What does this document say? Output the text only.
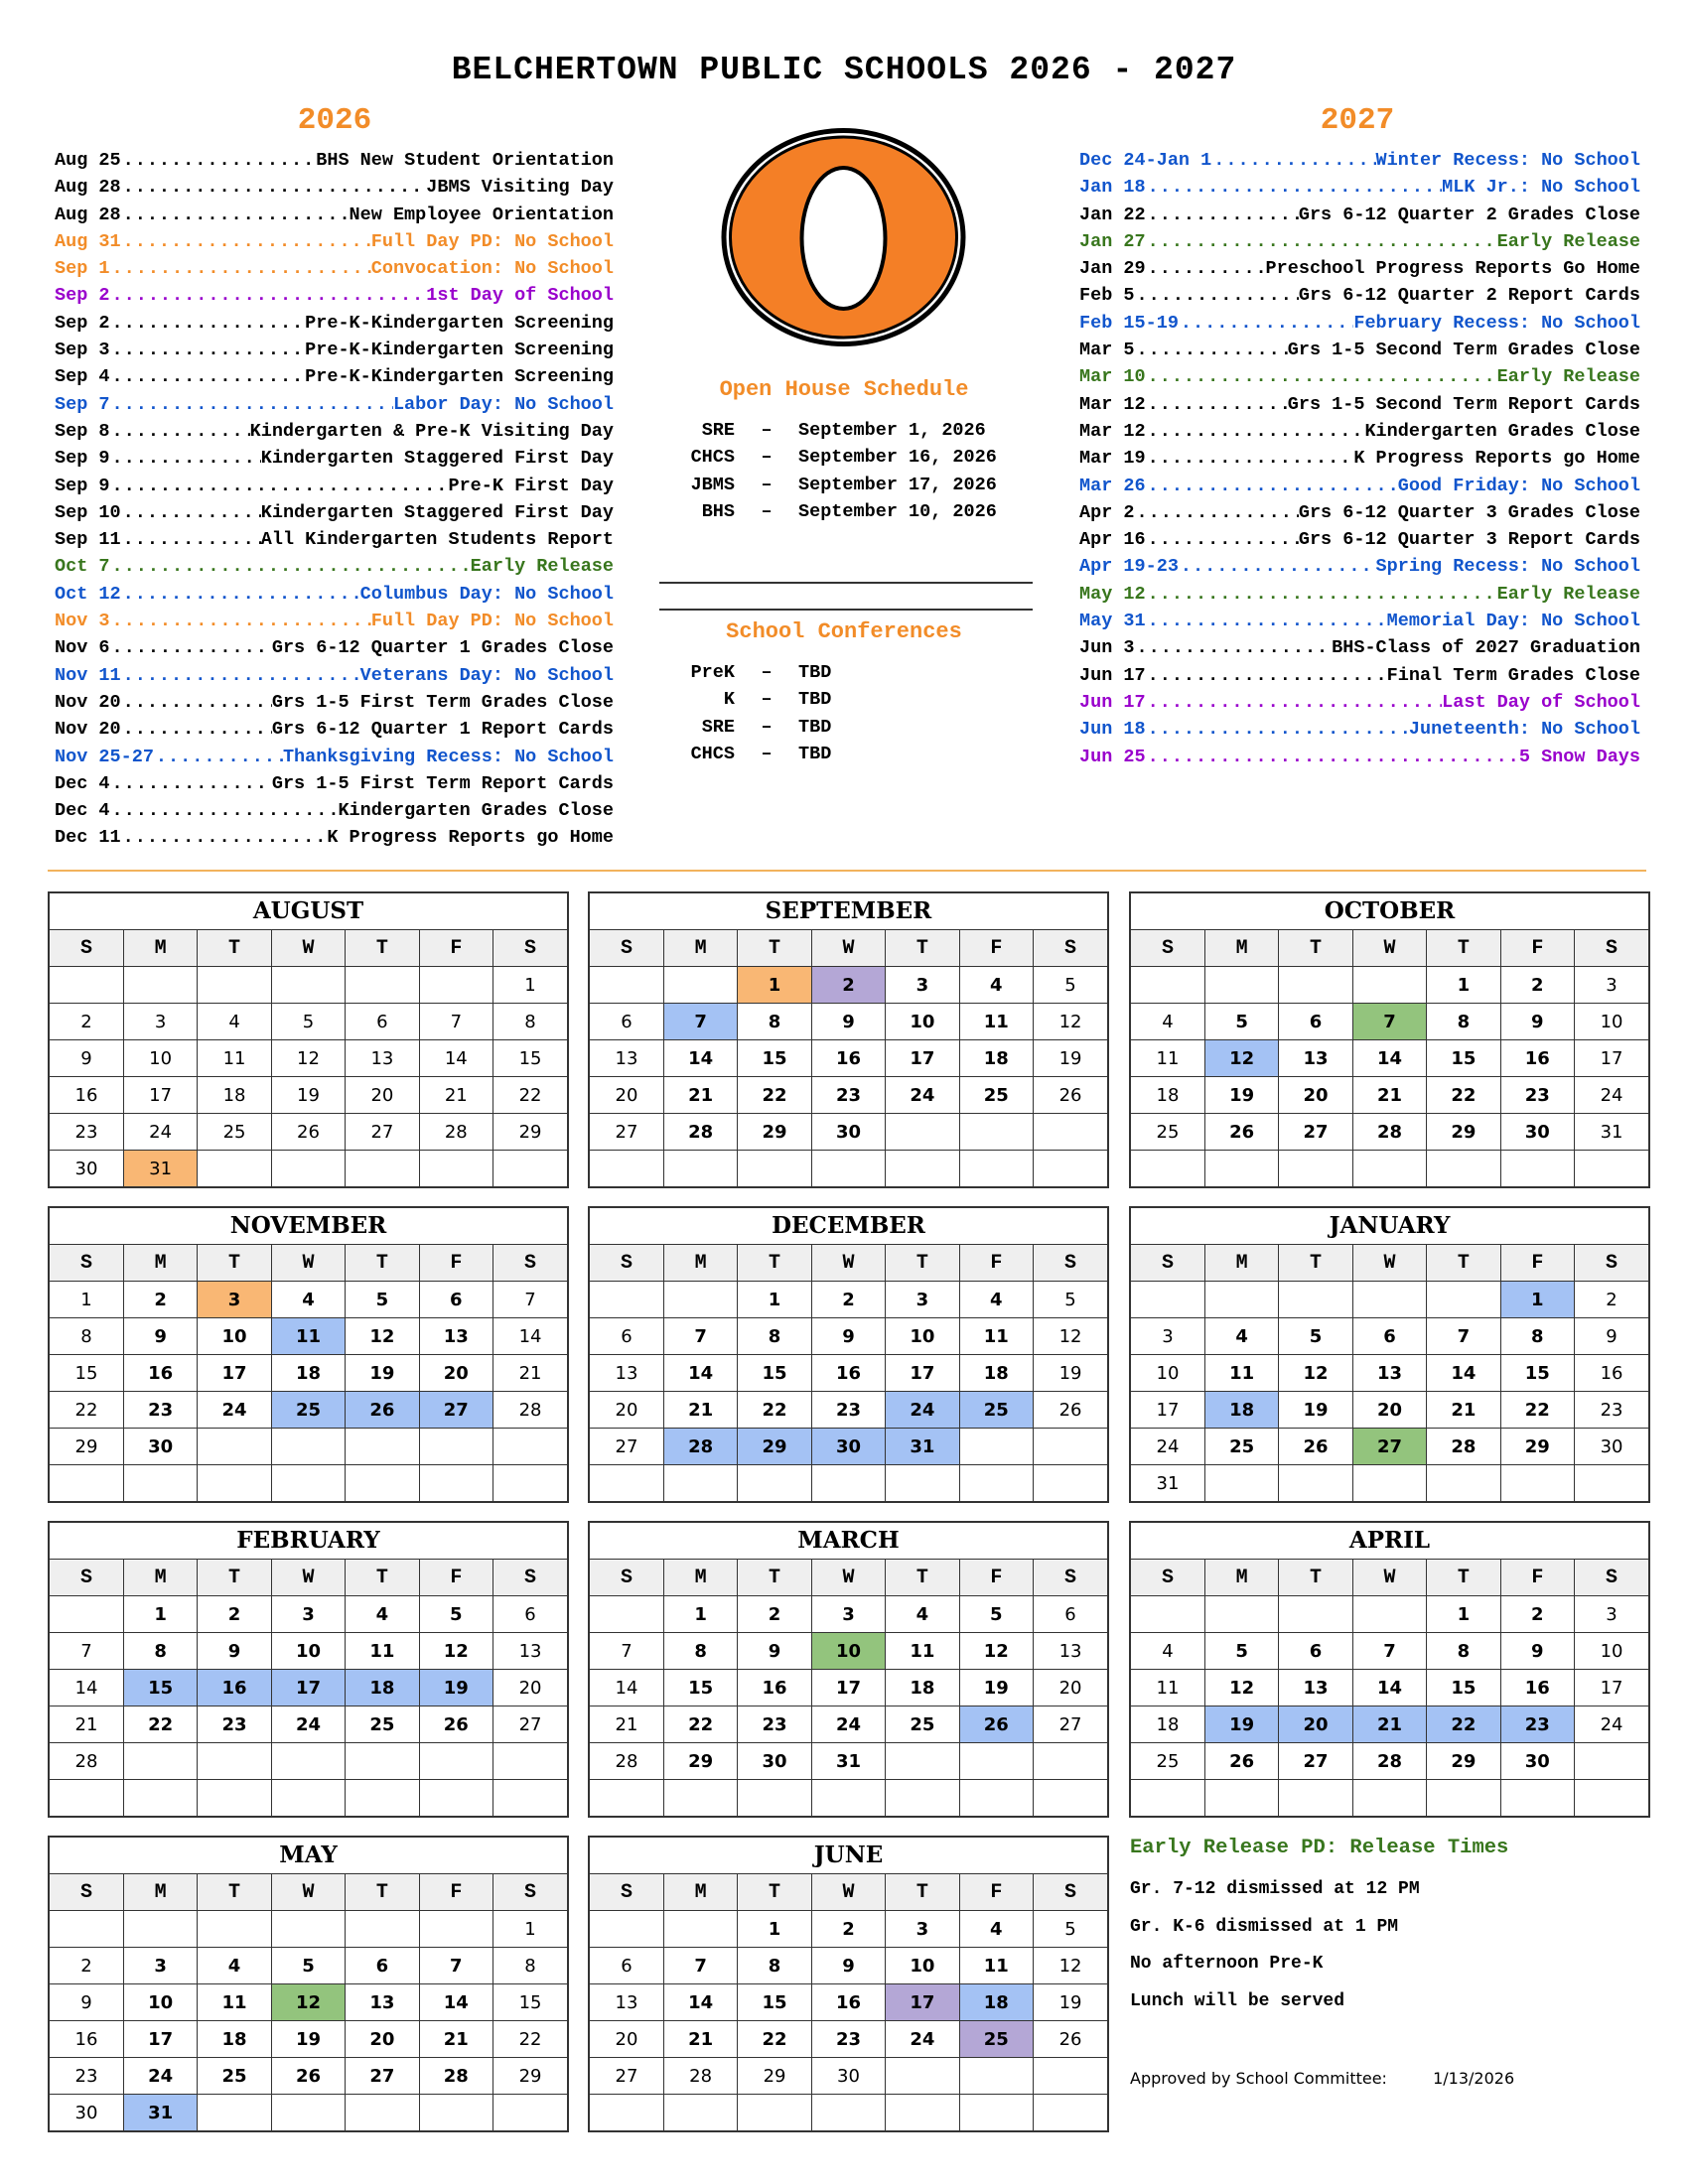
BELCHERTOWN PUBLIC SCHOOLS 2026 - 2027
2026	2027
Aug 25 .....	BHS New Student Orientation
Aug 28 .....	JBMS Visiting Day
Aug 28 .....	New Employee Orientation
Aug 31 .....	Full Day PD: No School
Sep 1 .....	Convocation: No School
Sep 2 .....	1st Day of School
Sep 2 .....	Pre-K-Kindergarten Screening
Sep 3 .....	Pre-K-Kindergarten Screening
Sep 4 .....	Pre-K-Kindergarten Screening
Sep 7 .....	Labor Day: No School
Sep 8 .....	Kindergarten & Pre-K Visiting Day
Sep 9 .....	Kindergarten Staggered First Day
Sep 9 .....	Pre-K First Day
Sep 10 .....	Kindergarten Staggered First Day
Sep 11 .....	All Kindergarten Students Report
Oct 7 .....	Early Release
Oct 12 .....	Columbus Day: No School
Nov 3 .....	Full Day PD: No School
Nov 6 .....	Grs 6-12 Quarter 1 Grades Close
Nov 11 .....	Veterans Day: No School
Nov 20 .....	Grs 1-5 First Term Grades Close
Nov 20 .....	Grs 6-12 Quarter 1 Report Cards
Nov 25-27 .....	Thanksgiving Recess: No School
Dec 4 .....	Grs 1-5 First Term Report Cards
Dec 4 .....	Kindergarten Grades Close
Dec 11 .....	K Progress Reports go Home
Dec 24-Jan 1 .....	Winter Recess: No School
Jan 18 .....	MLK Jr.: No School
Jan 22 .....	Grs 6-12 Quarter 2 Grades Close
Jan 27 .....	Early Release
Jan 29 .....	Preschool Progress Reports Go Home
Feb 5 .....	Grs 6-12 Quarter 2 Report Cards
Feb 15-19 .....	February Recess: No School
Mar 5 .....	Grs 1-5 Second Term Grades Close
Mar 10 .....	Early Release
Mar 12 .....	Grs 1-5 Second Term Report Cards
Mar 12 .....	Kindergarten Grades Close
Mar 19 .....	K Progress Reports go Home
Mar 26 .....	Good Friday: No School
Apr 2 .....	Grs 6-12 Quarter 3 Grades Close
Apr 16 .....	Grs 6-12 Quarter 3 Report Cards
Apr 19-23 .....	Spring Recess: No School
May 12 .....	Early Release
May 31 .....	Memorial Day: No School
Jun 3 .....	BHS-Class of 2027 Graduation
Jun 17 .....	Final Term Grades Close
Jun 17 .....	Last Day of School
Jun 18 .....	Juneteenth: No School
Jun 25 .....	5 Snow Days
Open House Schedule
SRE	–	September 1, 2026
CHCS	–	September 16, 2026
JBMS	–	September 17, 2026
BHS	–	September 10, 2026
School Conferences
PreK	–	TBD
K	–	TBD
SRE	–	TBD
CHCS	–	TBD
AUGUST
S	M	T	W	T	F	S
						1
2	3	4	5	6	7	8
9	10	11	12	13	14	15
16	17	18	19	20	21	22
23	24	25	26	27	28	29
30	31					
SEPTEMBER
S	M	T	W	T	F	S
		1	2	3	4	5
6	7	8	9	10	11	12
13	14	15	16	17	18	19
20	21	22	23	24	25	26
27	28	29	30			

OCTOBER
S	M	T	W	T	F	S
				1	2	3
4	5	6	7	8	9	10
11	12	13	14	15	16	17
18	19	20	21	22	23	24
25	26	27	28	29	30	31

NOVEMBER
S	M	T	W	T	F	S
1	2	3	4	5	6	7
8	9	10	11	12	13	14
15	16	17	18	19	20	21
22	23	24	25	26	27	28
29	30					

DECEMBER
S	M	T	W	T	F	S
		1	2	3	4	5
6	7	8	9	10	11	12
13	14	15	16	17	18	19
20	21	22	23	24	25	26
27	28	29	30	31		

JANUARY
S	M	T	W	T	F	S
					1	2
3	4	5	6	7	8	9
10	11	12	13	14	15	16
17	18	19	20	21	22	23
24	25	26	27	28	29	30
31						
FEBRUARY
S	M	T	W	T	F	S
	1	2	3	4	5	6
7	8	9	10	11	12	13
14	15	16	17	18	19	20
21	22	23	24	25	26	27
28						

MARCH
S	M	T	W	T	F	S
	1	2	3	4	5	6
7	8	9	10	11	12	13
14	15	16	17	18	19	20
21	22	23	24	25	26	27
28	29	30	31			

APRIL
S	M	T	W	T	F	S
				1	2	3
4	5	6	7	8	9	10
11	12	13	14	15	16	17
18	19	20	21	22	23	24
25	26	27	28	29	30	

MAY
S	M	T	W	T	F	S
						1
2	3	4	5	6	7	8
9	10	11	12	13	14	15
16	17	18	19	20	21	22
23	24	25	26	27	28	29
30	31					
JUNE
S	M	T	W	T	F	S
		1	2	3	4	5
6	7	8	9	10	11	12
13	14	15	16	17	18	19
20	21	22	23	24	25	26
27	28	29	30			

Early Release PD: Release Times
Gr. 7-12 dismissed at 12 PM
Gr. K-6 dismissed at 1 PM
No afternoon Pre-K
Lunch will be served
Approved by School Committee:	1/13/2026
